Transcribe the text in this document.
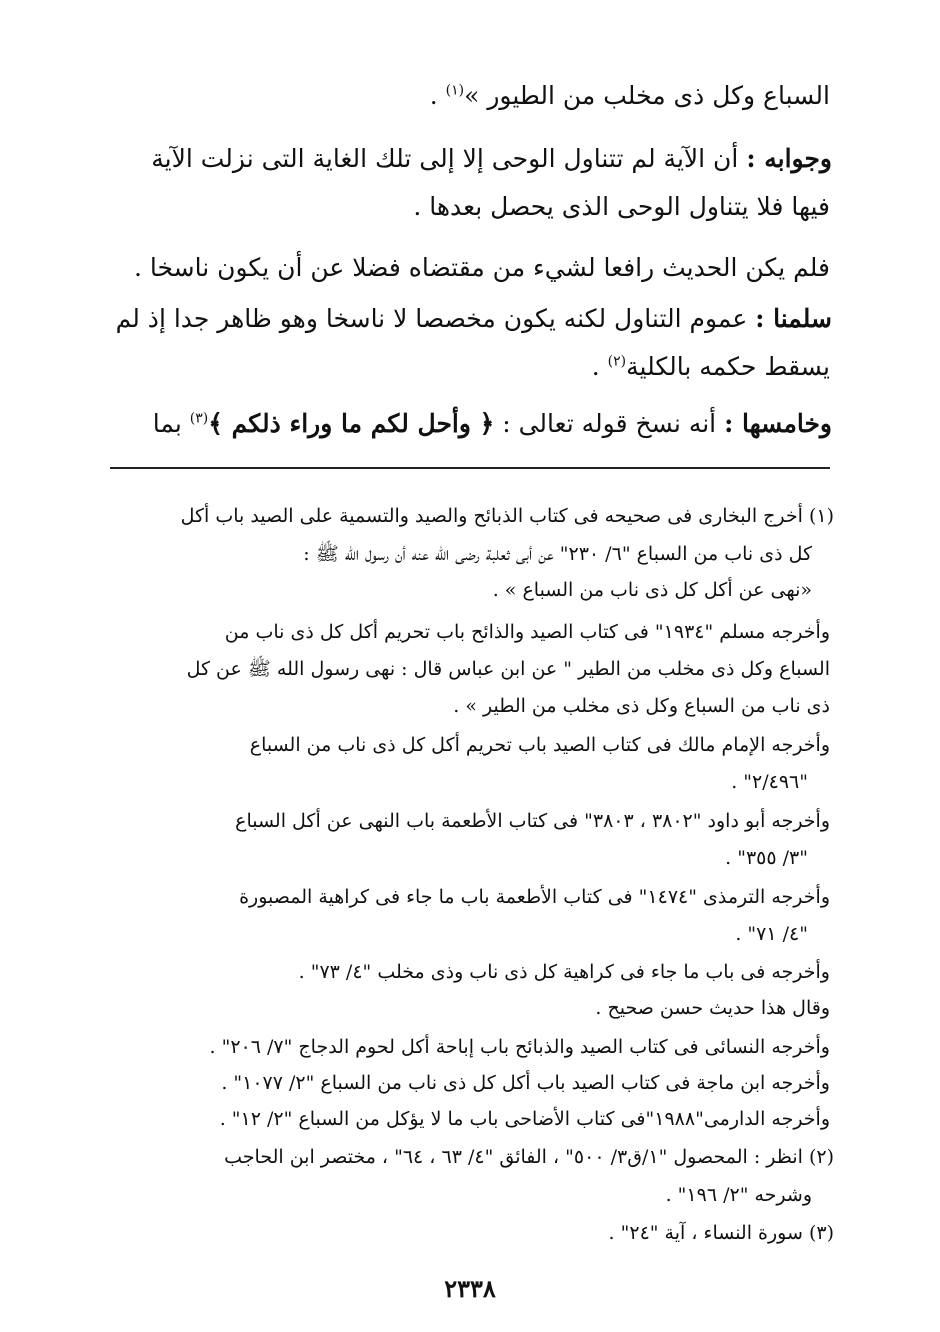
السباع وكل ذى مخلب من الطيور »$^{(١)}$ .
وجوابه : أن الآية لم تتناول الوحى إلا إلى تلك الغاية التى نزلت الآية
فيها فلا يتناول الوحى الذى يحصل بعدها .
فلم يكن الحديث رافعا لشيء من مقتضاه فضلا عن أن يكون ناسخا .
سلمنا : عموم التناول لكنه يكون مخصصا لا ناسخا وهو ظاهر جدا إذ لم
يسقط حكمه بالكلية$^{(٢)}$ .
وخامسها : أنه نسخ قوله تعالى : ﴿ وأحل لكم ما وراء ذلكم ﴾$^{(٣)}$ بما
(١) أخرج البخارى فى صحيحه فى كتاب الذبائح والصيد والتسمية على الصيد باب أكل
كل ذى ناب من السباع "٦/ ٢٣٠" عن أبى ثعلبة رضى الله عنه أن رسول الله ﷺ :
«نهى عن أكل كل ذى ناب من السباع » .
وأخرجه مسلم "١٩٣٤" فى كتاب الصيد والذائح باب تحريم أكل كل ذى ناب من
السباع وكل ذى مخلب من الطير " عن ابن عباس قال : نهى رسول الله ﷺ عن كل
ذى ناب من السباع وكل ذى مخلب من الطير » .
وأخرجه الإمام مالك فى كتاب الصيد باب تحريم أكل كل ذى ناب من السباع
"٢/٤٩٦" .
وأخرجه أبو داود "٣٨٠٢ ، ٣٨٠٣" فى كتاب الأطعمة باب النهى عن أكل السباع
"٣/ ٣٥٥" .
وأخرجه الترمذى "١٤٧٤" فى كتاب الأطعمة باب ما جاء فى كراهية المصبورة
"٤/ ٧١" .
وأخرجه فى باب ما جاء فى كراهية كل ذى ناب وذى مخلب "٤/ ٧٣" .
وقال هذا حديث حسن صحيح .
وأخرجه النسائى فى كتاب الصيد والذبائح باب إباحة أكل لحوم الدجاج "٧/ ٢٠٦" .
وأخرجه ابن ماجة فى كتاب الصيد باب أكل كل ذى ناب من السباع "٢/ ١٠٧٧" .
وأخرجه الدارمى"١٩٨٨"فى كتاب الأضاحى باب ما لا يؤكل من السباع "٢/ ١٢" .
(٢) انظر : المحصول "١/ق٣/ ٥٠٠" ، الفائق "٤/ ٦٣ ، ٦٤" ، مختصر ابن الحاجب
وشرحه "٢/ ١٩٦" .
(٣) سورة النساء ، آية "٢٤" .
٢٣٣٨
